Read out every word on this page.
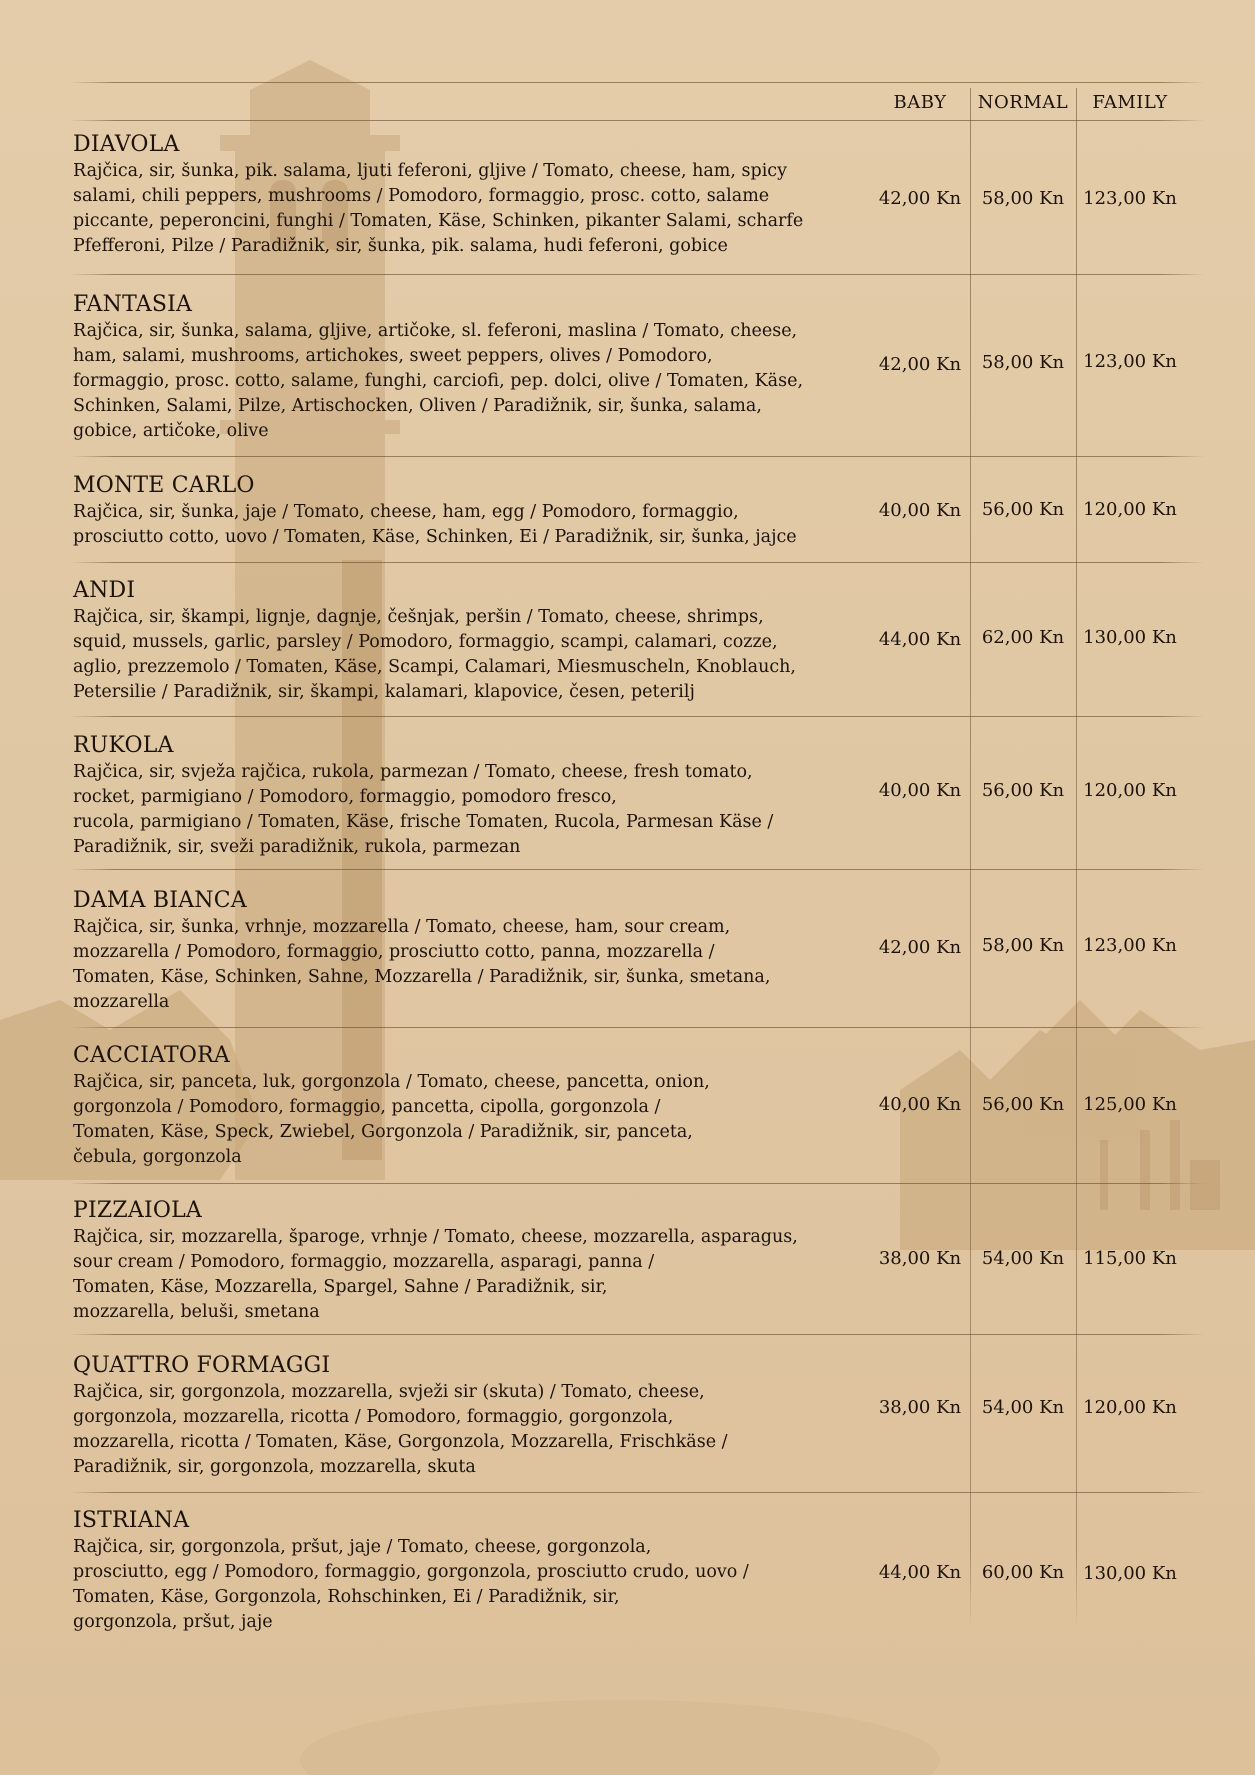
BABY	NORMAL	FAMILY
DIAVOLA
Rajčica, sir, šunka, pik. salama, ljuti feferoni, gljive / Tomato, cheese, ham, spicy
salami, chili peppers, mushrooms / Pomodoro, formaggio, prosc. cotto, salame
piccante, peperoncini, funghi / Tomaten, Käse, Schinken, pikanter Salami, scharfe
Pfefferoni, Pilze / Paradižnik, sir, šunka, pik. salama, hudi feferoni, gobice
42,00 Kn	58,00 Kn	123,00 Kn
FANTASIA
Rajčica, sir, šunka, salama, gljive, artičoke, sl. feferoni, maslina / Tomato, cheese,
ham, salami, mushrooms, artichokes, sweet peppers, olives / Pomodoro,
formaggio, prosc. cotto, salame, funghi, carciofi, pep. dolci, olive / Tomaten, Käse,
Schinken, Salami, Pilze, Artischocken, Oliven / Paradižnik, sir, šunka, salama,
gobice, artičoke, olive
42,00 Kn	58,00 Kn	123,00 Kn
MONTE CARLO
Rajčica, sir, šunka, jaje / Tomato, cheese, ham, egg / Pomodoro, formaggio,
prosciutto cotto, uovo / Tomaten, Käse, Schinken, Ei / Paradižnik, sir, šunka, jajce
40,00 Kn	56,00 Kn	120,00 Kn
ANDI
Rajčica, sir, škampi, lignje, dagnje, češnjak, peršin / Tomato, cheese, shrimps,
squid, mussels, garlic, parsley / Pomodoro, formaggio, scampi, calamari, cozze,
aglio, prezzemolo / Tomaten, Käse, Scampi, Calamari, Miesmuscheln, Knoblauch,
Petersilie / Paradižnik, sir, škampi, kalamari, klapovice, česen, peterilj
44,00 Kn	62,00 Kn	130,00 Kn
RUKOLA
Rajčica, sir, svježa rajčica, rukola, parmezan / Tomato, cheese, fresh tomato,
rocket, parmigiano / Pomodoro, formaggio, pomodoro fresco,
rucola, parmigiano / Tomaten, Käse, frische Tomaten, Rucola, Parmesan Käse /
Paradižnik, sir, sveži paradižnik, rukola, parmezan
40,00 Kn	56,00 Kn	120,00 Kn
DAMA BIANCA
Rajčica, sir, šunka, vrhnje, mozzarella / Tomato, cheese, ham, sour cream,
mozzarella / Pomodoro, formaggio, prosciutto cotto, panna, mozzarella /
Tomaten, Käse, Schinken, Sahne, Mozzarella / Paradižnik, sir, šunka, smetana,
mozzarella
42,00 Kn	58,00 Kn	123,00 Kn
CACCIATORA
Rajčica, sir, panceta, luk, gorgonzola / Tomato, cheese, pancetta, onion,
gorgonzola / Pomodoro, formaggio, pancetta, cipolla, gorgonzola /
Tomaten, Käse, Speck, Zwiebel, Gorgonzola / Paradižnik, sir, panceta,
čebula, gorgonzola
40,00 Kn	56,00 Kn	125,00 Kn
PIZZAIOLA
Rajčica, sir, mozzarella, šparoge, vrhnje / Tomato, cheese, mozzarella, asparagus,
sour cream / Pomodoro, formaggio, mozzarella, asparagi, panna /
Tomaten, Käse, Mozzarella, Spargel, Sahne / Paradižnik, sir,
mozzarella, beluši, smetana
38,00 Kn	54,00 Kn	115,00 Kn
QUATTRO FORMAGGI
Rajčica, sir, gorgonzola, mozzarella, svježi sir (skuta) / Tomato, cheese,
gorgonzola, mozzarella, ricotta / Pomodoro, formaggio, gorgonzola,
mozzarella, ricotta / Tomaten, Käse, Gorgonzola, Mozzarella, Frischkäse /
Paradižnik, sir, gorgonzola, mozzarella, skuta
38,00 Kn	54,00 Kn	120,00 Kn
ISTRIANA
Rajčica, sir, gorgonzola, pršut, jaje / Tomato, cheese, gorgonzola,
prosciutto, egg / Pomodoro, formaggio, gorgonzola, prosciutto crudo, uovo /
Tomaten, Käse, Gorgonzola, Rohschinken, Ei / Paradižnik, sir,
gorgonzola, pršut, jaje
44,00 Kn	60,00 Kn	130,00 Kn
